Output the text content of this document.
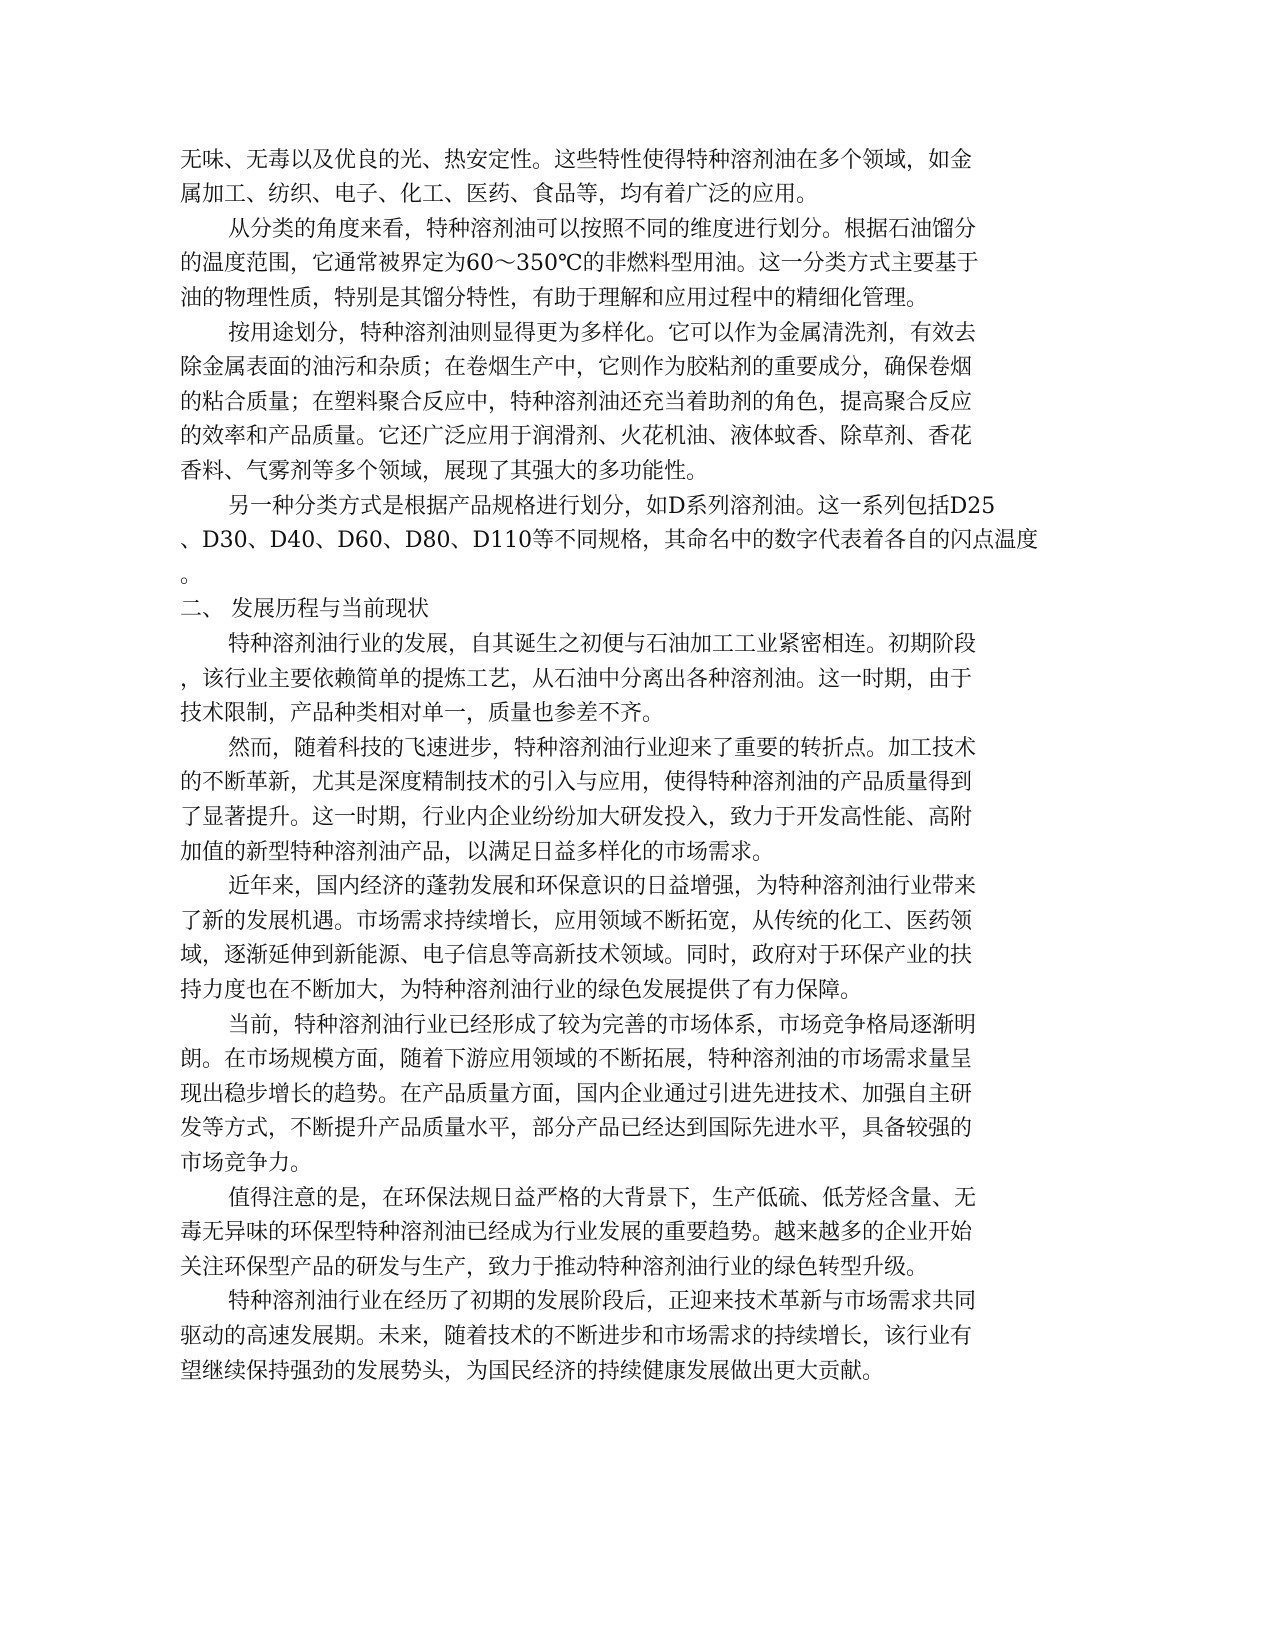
无味、无毒以及优良的光、热安定性。这些特性使得特种溶剂油在多个领域，如金
属加工、纺织、电子、化工、医药、食品等，均有着广泛的应用。
从分类的角度来看，特种溶剂油可以按照不同的维度进行划分。根据石油馏分
的温度范围，它通常被界定为60～350℃的非燃料型用油。这一分类方式主要基于
油的物理性质，特别是其馏分特性，有助于理解和应用过程中的精细化管理。
按用途划分，特种溶剂油则显得更为多样化。它可以作为金属清洗剂，有效去
除金属表面的油污和杂质；在卷烟生产中，它则作为胶粘剂的重要成分，确保卷烟
的粘合质量；在塑料聚合反应中，特种溶剂油还充当着助剂的角色，提高聚合反应
的效率和产品质量。它还广泛应用于润滑剂、火花机油、液体蚊香、除草剂、香花
香料、气雾剂等多个领域，展现了其强大的多功能性。
另一种分类方式是根据产品规格进行划分，如D系列溶剂油。这一系列包括D25
、D30、D40、D60、D80、D110等不同规格，其命名中的数字代表着各自的闪点温度
。
二、 发展历程与当前现状
特种溶剂油行业的发展，自其诞生之初便与石油加工工业紧密相连。初期阶段
，该行业主要依赖简单的提炼工艺，从石油中分离出各种溶剂油。这一时期，由于
技术限制，产品种类相对单一，质量也参差不齐。
然而，随着科技的飞速进步，特种溶剂油行业迎来了重要的转折点。加工技术
的不断革新，尤其是深度精制技术的引入与应用，使得特种溶剂油的产品质量得到
了显著提升。这一时期，行业内企业纷纷加大研发投入，致力于开发高性能、高附
加值的新型特种溶剂油产品，以满足日益多样化的市场需求。
近年来，国内经济的蓬勃发展和环保意识的日益增强，为特种溶剂油行业带来
了新的发展机遇。市场需求持续增长，应用领域不断拓宽，从传统的化工、医药领
域，逐渐延伸到新能源、电子信息等高新技术领域。同时，政府对于环保产业的扶
持力度也在不断加大，为特种溶剂油行业的绿色发展提供了有力保障。
当前，特种溶剂油行业已经形成了较为完善的市场体系，市场竞争格局逐渐明
朗。在市场规模方面，随着下游应用领域的不断拓展，特种溶剂油的市场需求量呈
现出稳步增长的趋势。在产品质量方面，国内企业通过引进先进技术、加强自主研
发等方式，不断提升产品质量水平，部分产品已经达到国际先进水平，具备较强的
市场竞争力。
值得注意的是，在环保法规日益严格的大背景下，生产低硫、低芳烃含量、无
毒无异味的环保型特种溶剂油已经成为行业发展的重要趋势。越来越多的企业开始
关注环保型产品的研发与生产，致力于推动特种溶剂油行业的绿色转型升级。
特种溶剂油行业在经历了初期的发展阶段后，正迎来技术革新与市场需求共同
驱动的高速发展期。未来，随着技术的不断进步和市场需求的持续增长，该行业有
望继续保持强劲的发展势头，为国民经济的持续健康发展做出更大贡献。
